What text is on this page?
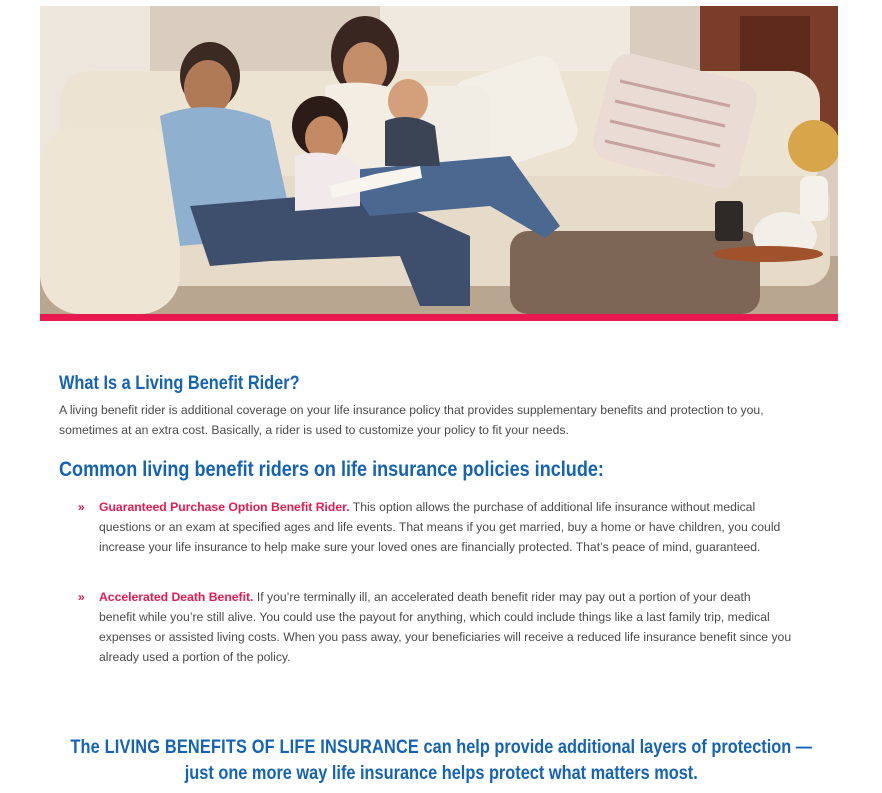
What Is a Living Benefit Rider?

A living benefit rider is additional coverage on your life insurance policy that provides supplementary benefits and protection to you,

sometimes at an extra cost. Basically, a rider is used to customize your policy to fit your needs.

Common living benefit riders on life insurance policies include:
» Guaranteed Purchase Option Benefit Rider. This option allows the purchase of additional life insurance without medical

questions or an exam at specified ages and life events. That means if you get married, buy a home or have children, you could

increase your life insurance to help make sure your loved ones are financially protected. That’s peace of mind, guaranteed.

» Accelerated Death Benefit. If you’re terminally ill, an accelerated death benefit rider may pay out a portion of your death

benefit while you’re still alive. You could use the payout for anything, which could include things like a last family trip, medical

expenses or assisted living costs. When you pass away, your beneficiaries will receive a reduced life insurance benefit since you

already used a portion of the policy.

The LIVING BENEFITS OF LIFE INSURANCE can help provide additional layers of protection —
just one more way life insurance helps protect what matters most.
